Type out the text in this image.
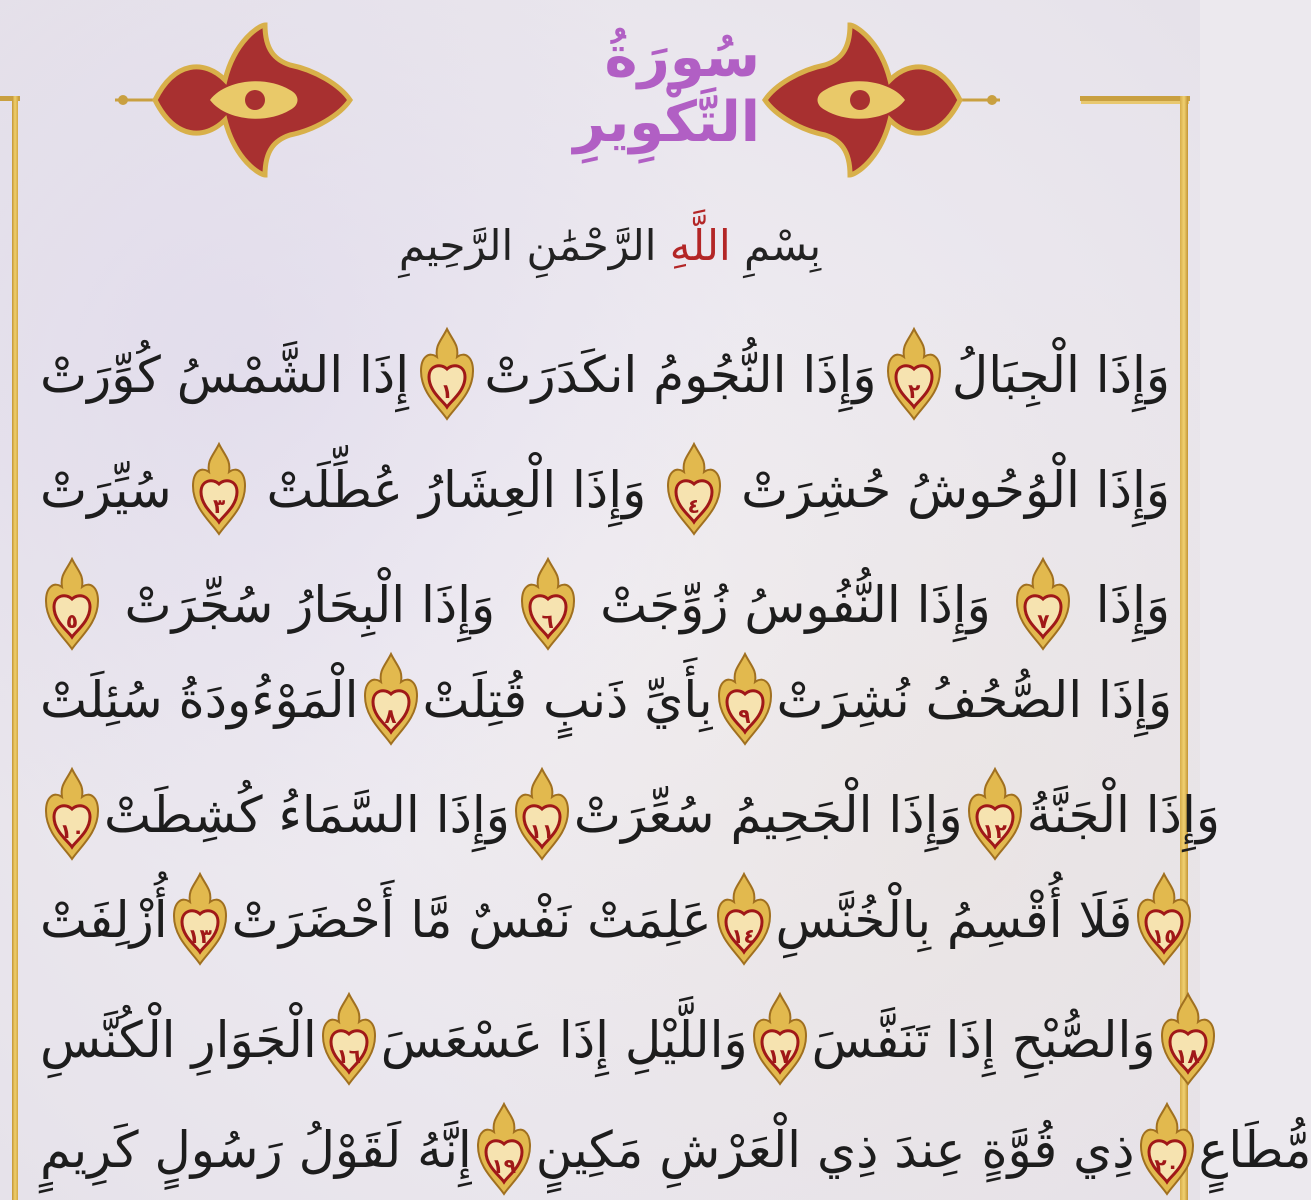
سُورَةُ التَّكْوِيرِ
بِسْمِ

اللَّهِ

الرَّحْمَٰنِ الرَّحِيمِ
إِذَا الشَّمْسُ كُوِّرَتْ	١ وَإِذَا النُّجُومُ انكَدَرَتْ	٢ وَإِذَا الْجِبَالُ
سُيِّرَتْ	٣ وَإِذَا الْعِشَارُ عُطِّلَتْ	٤ وَإِذَا الْوُحُوشُ حُشِرَتْ
٥ وَإِذَا الْبِحَارُ سُجِّرَتْ	٦ وَإِذَا النُّفُوسُ زُوِّجَتْ	٧ وَإِذَا
الْمَوْءُودَةُ سُئِلَتْ	٨ بِأَيِّ ذَنبٍ قُتِلَتْ	٩ وَإِذَا الصُّحُفُ نُشِرَتْ
١٠ وَإِذَا السَّمَاءُ كُشِطَتْ ١١ وَإِذَا الْجَحِيمُ سُعِّرَتْ ١٢ وَإِذَا الْجَنَّةُ
أُزْلِفَتْ ١٣ عَلِمَتْ نَفْسٌ مَّا أَحْضَرَتْ ١٤ فَلَا أُقْسِمُ بِالْخُنَّسِ ١٥
الْجَوَارِ الْكُنَّسِ ١٦ وَاللَّيْلِ إِذَا عَسْعَسَ ١٧ وَالصُّبْحِ إِذَا تَنَفَّسَ ١٨
إِنَّهُ لَقَوْلُ رَسُولٍ كَرِيمٍ ١٩ ذِي قُوَّةٍ عِندَ ذِي الْعَرْشِ مَكِينٍ ٢٠ مُّطَاعٍ
